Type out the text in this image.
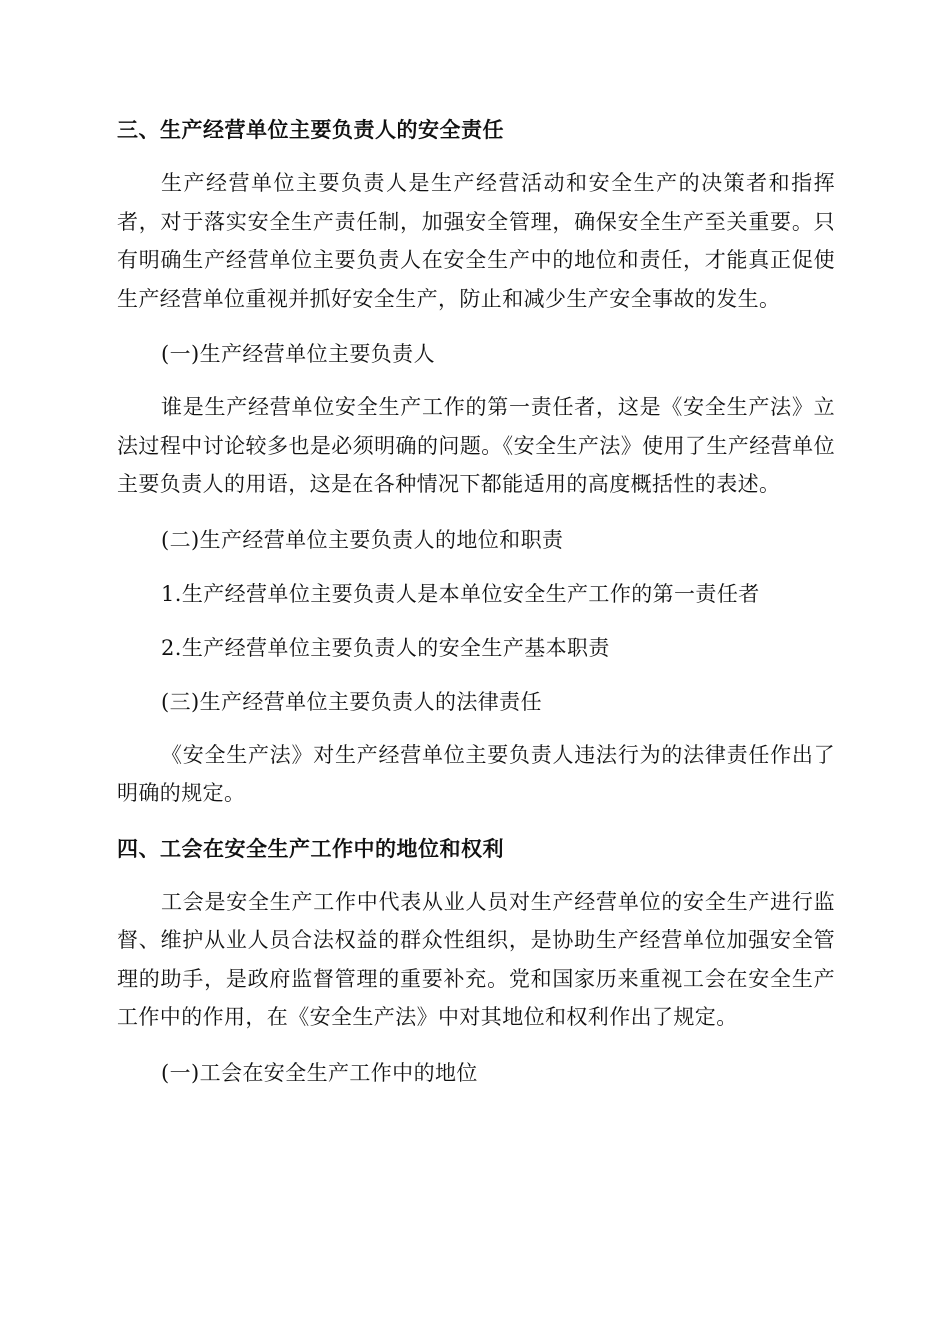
三、生产经营单位主要负责人的安全责任

生产经营单位主要负责人是生产经营活动和安全生产的决策者和指挥者，对于落实安全生产责任制，加强安全管理，确保安全生产至关重要。只有明确生产经营单位主要负责人在安全生产中的地位和责任，才能真正促使生产经营单位重视并抓好安全生产，防止和减少生产安全事故的发生。

(一)生产经营单位主要负责人

谁是生产经营单位安全生产工作的第一责任者，这是《安全生产法》立法过程中讨论较多也是必须明确的问题。《安全生产法》使用了生产经营单位主要负责人的用语，这是在各种情况下都能适用的高度概括性的表述。

(二)生产经营单位主要负责人的地位和职责

1.生产经营单位主要负责人是本单位安全生产工作的第一责任者

2.生产经营单位主要负责人的安全生产基本职责

(三)生产经营单位主要负责人的法律责任

《安全生产法》对生产经营单位主要负责人违法行为的法律责任作出了明确的规定。

四、工会在安全生产工作中的地位和权利

工会是安全生产工作中代表从业人员对生产经营单位的安全生产进行监督、维护从业人员合法权益的群众性组织，是协助生产经营单位加强安全管理的助手，是政府监督管理的重要补充。党和国家历来重视工会在安全生产工作中的作用，在《安全生产法》中对其地位和权利作出了规定。

(一)工会在安全生产工作中的地位
